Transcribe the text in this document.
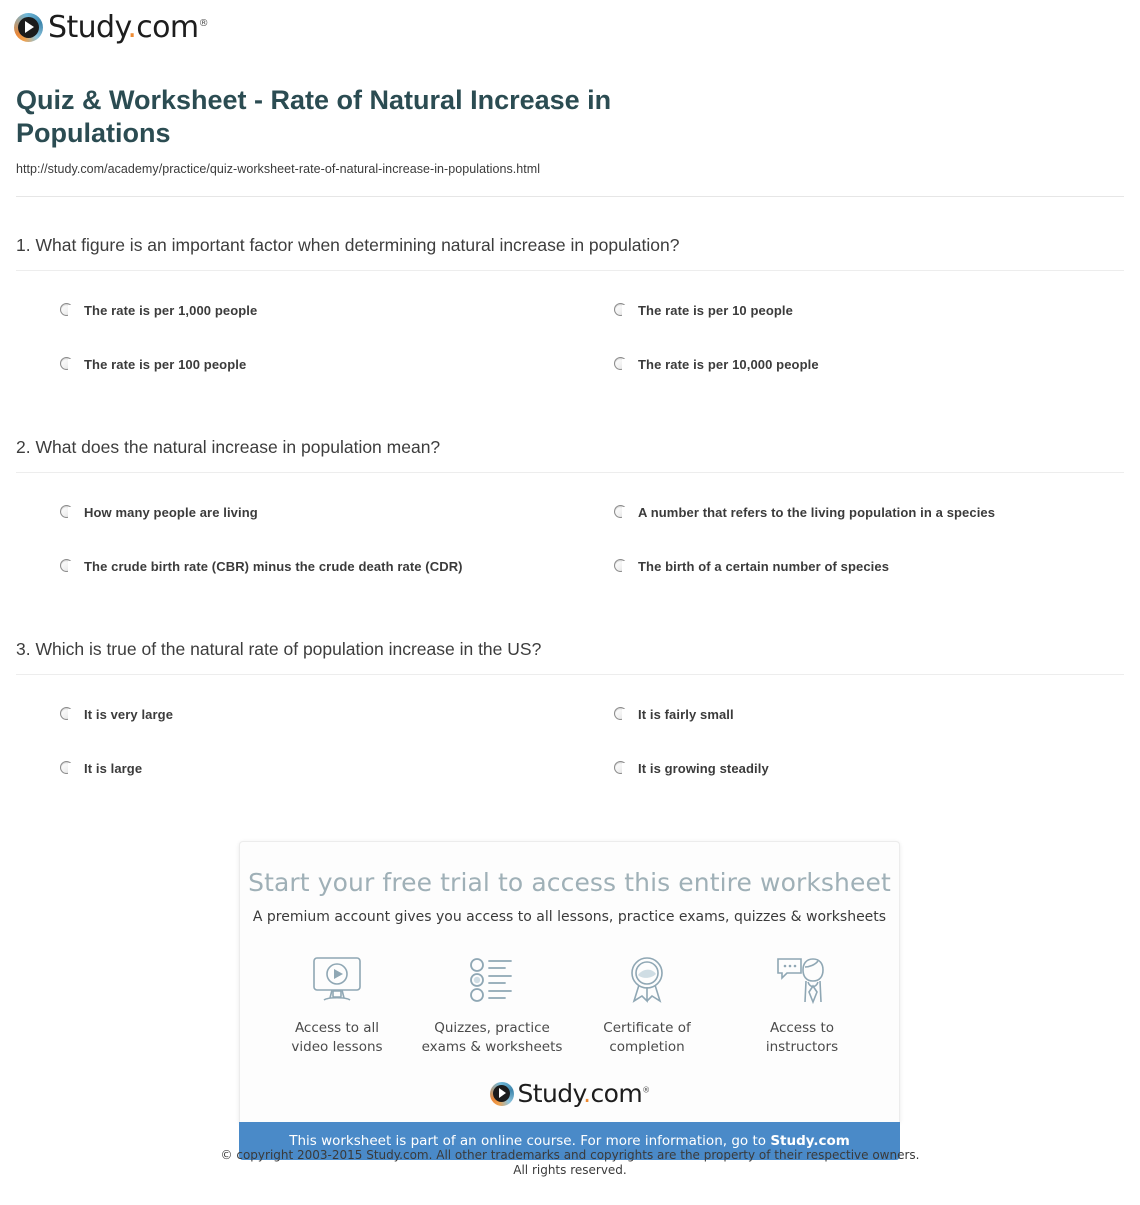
Study.com®
Quiz & Worksheet - Rate of Natural Increase in Populations
http://study.com/academy/practice/quiz-worksheet-rate-of-natural-increase-in-populations.html
1. What figure is an important factor when determining natural increase in population?
The rate is per 1,000 people	The rate is per 10 people
The rate is per 100 people	The rate is per 10,000 people
2. What does the natural increase in population mean?
How many people are living	A number that refers to the living population in a species
The crude birth rate (CBR) minus the crude death rate (CDR)	The birth of a certain number of species
3. Which is true of the natural rate of population increase in the US?
It is very large	It is fairly small
It is large	It is growing steadily
Start your free trial to access this entire worksheet
A premium account gives you access to all lessons, practice exams, quizzes & worksheets
Access to all
video lessons
Quizzes, practice
exams & worksheets
Certificate of
completion
Access to
instructors
Study.com®
This worksheet is part of an online course. For more information, go to Study.com
© copyright 2003-2015 Study.com. All other trademarks and copyrights are the property of their respective owners.
All rights reserved.
